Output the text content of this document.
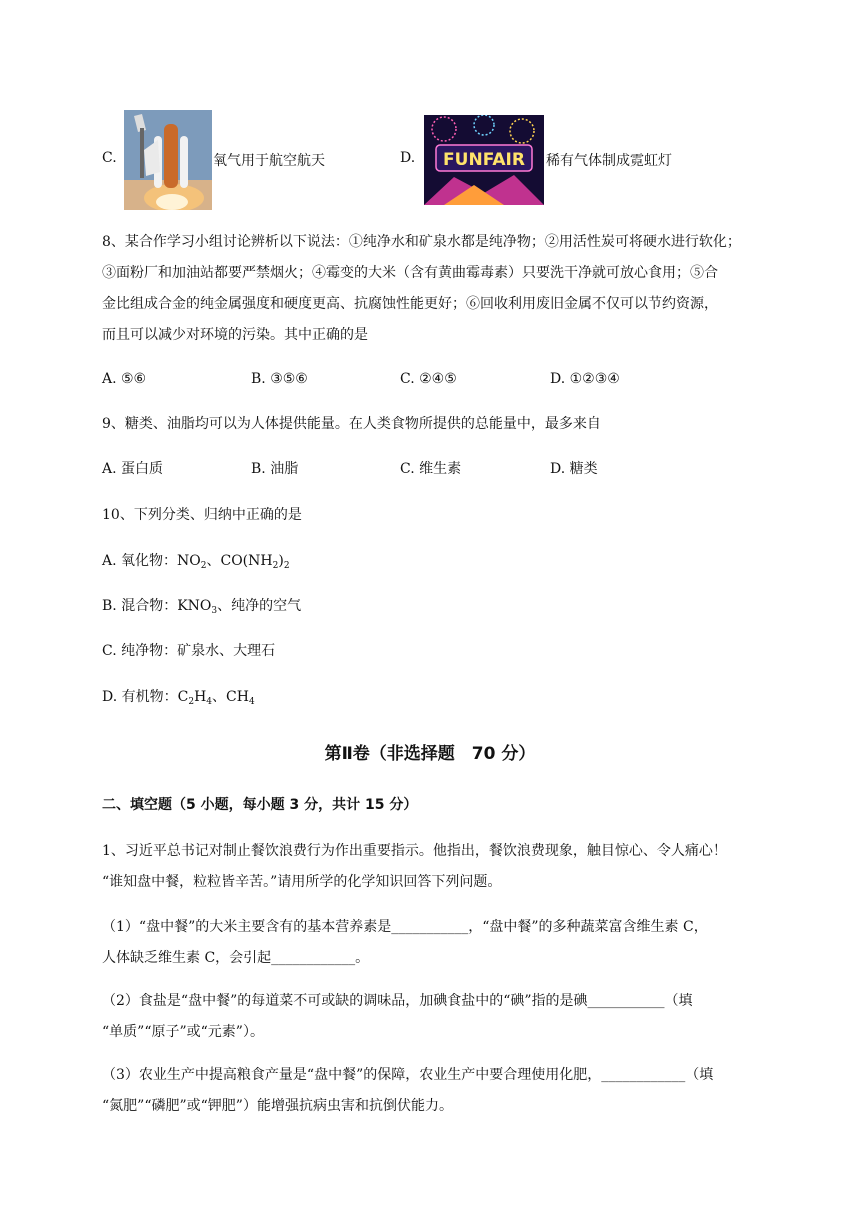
C.	氧气用于航空航天	D. FUNFAIR 稀有气体制成霓虹灯
8、某合作学习小组讨论辨析以下说法：①纯净水和矿泉水都是纯净物；②用活性炭可将硬水进行软化；
③面粉厂和加油站都要严禁烟火；④霉变的大米（含有黄曲霉毒素）只要洗干净就可放心食用；⑤合
金比组成合金的纯金属强度和硬度更高、抗腐蚀性能更好；⑥回收利用废旧金属不仅可以节约资源，
而且可以减少对环境的污染。其中正确的是
A. ⑤⑥	B. ③⑤⑥	C. ②④⑤	D. ①②③④
9、糖类、油脂均可以为人体提供能量。在人类食物所提供的总能量中，最多来自
A. 蛋白质	B. 油脂	C. 维生素	D. 糖类
10、下列分类、归纳中正确的是
A. 氧化物：$NO_2$、$CO(NH_2)_2$
B. 混合物：$KNO_3$、纯净的空气
C. 纯净物：矿泉水、大理石
D. 有机物：$C_2H_4$、$CH_4$
第Ⅱ卷（非选择题　70 分）
二、填空题（5 小题，每小题 3 分，共计 15 分）
1、习近平总书记对制止餐饮浪费行为作出重要指示。他指出，餐饮浪费现象，触目惊心、令人痛心！
“谁知盘中餐，粒粒皆辛苦。”请用所学的化学知识回答下列问题。
（1）“盘中餐”的大米主要含有的基本营养素是___________，“盘中餐”的多种蔬菜富含维生素 C，
人体缺乏维生素 C，会引起____________。
（2）食盐是“盘中餐”的每道菜不可或缺的调味品，加碘食盐中的“碘”指的是碘___________（填
“单质”“原子”或“元素”）。
（3）农业生产中提高粮食产量是“盘中餐”的保障，农业生产中要合理使用化肥，____________（填
“氮肥”“磷肥”或“钾肥”）能增强抗病虫害和抗倒伏能力。
